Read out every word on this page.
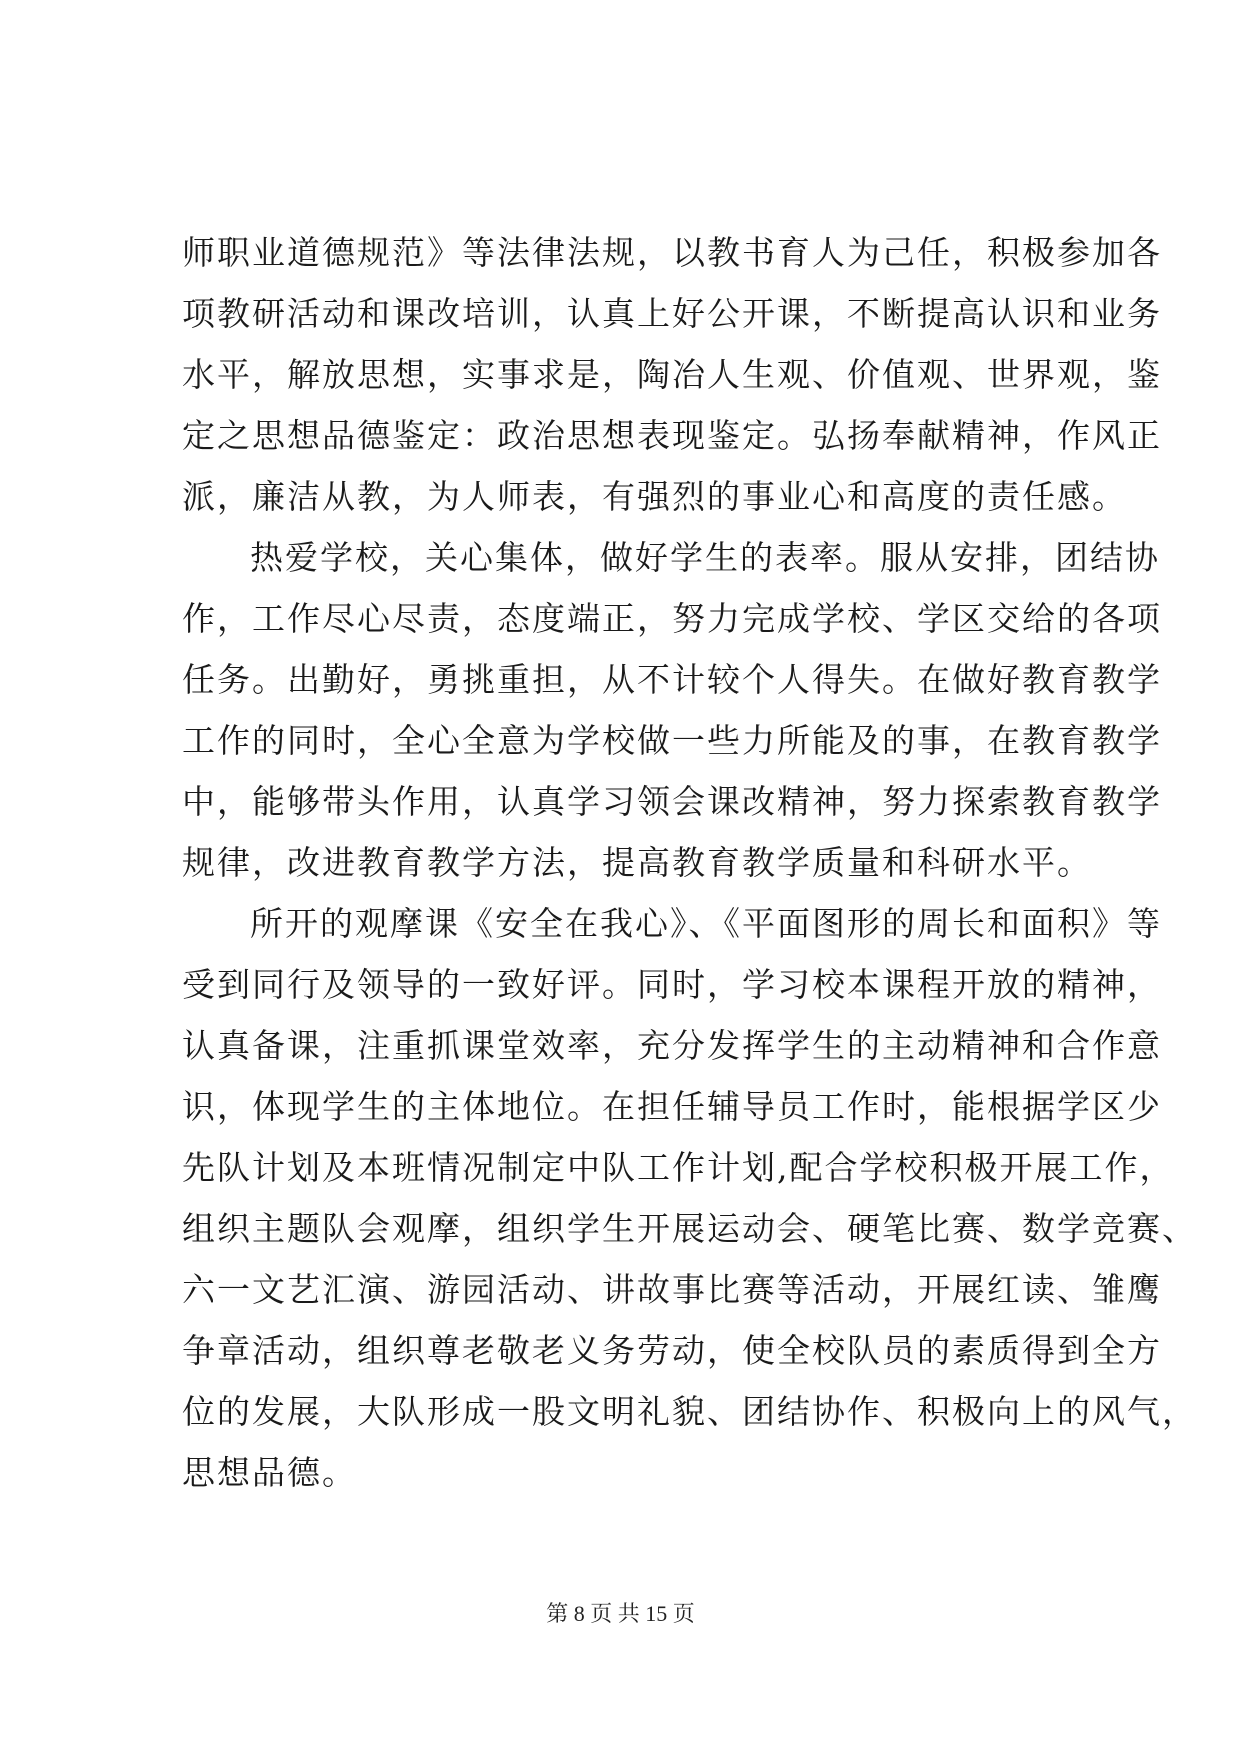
师职业道德规范》等法律法规，以教书育人为己任，积极参加各
项教研活动和课改培训，认真上好公开课，不断提高认识和业务
水平，解放思想，实事求是，陶冶人生观、价值观、世界观，鉴
定之思想品德鉴定：政治思想表现鉴定。弘扬奉献精神，作风正
派，廉洁从教，为人师表，有强烈的事业心和高度的责任感。
热爱学校，关心集体，做好学生的表率。服从安排，团结协
作，工作尽心尽责，态度端正，努力完成学校、学区交给的各项
任务。出勤好，勇挑重担，从不计较个人得失。在做好教育教学
工作的同时，全心全意为学校做一些力所能及的事，在教育教学
中，能够带头作用，认真学习领会课改精神，努力探索教育教学
规律，改进教育教学方法，提高教育教学质量和科研水平。
所开的观摩课《安全在我心》、《平面图形的周长和面积》等
受到同行及领导的一致好评。同时，学习校本课程开放的精神，
认真备课，注重抓课堂效率，充分发挥学生的主动精神和合作意
识，体现学生的主体地位。在担任辅导员工作时，能根据学区少
先队计划及本班情况制定中队工作计划,配合学校积极开展工作，
组织主题队会观摩，组织学生开展运动会、硬笔比赛、数学竞赛、
六一文艺汇演、游园活动、讲故事比赛等活动，开展红读、雏鹰
争章活动，组织尊老敬老义务劳动，使全校队员的素质得到全方
位的发展，大队形成一股文明礼貌、团结协作、积极向上的风气，
思想品德。
第 8 页 共 15 页
